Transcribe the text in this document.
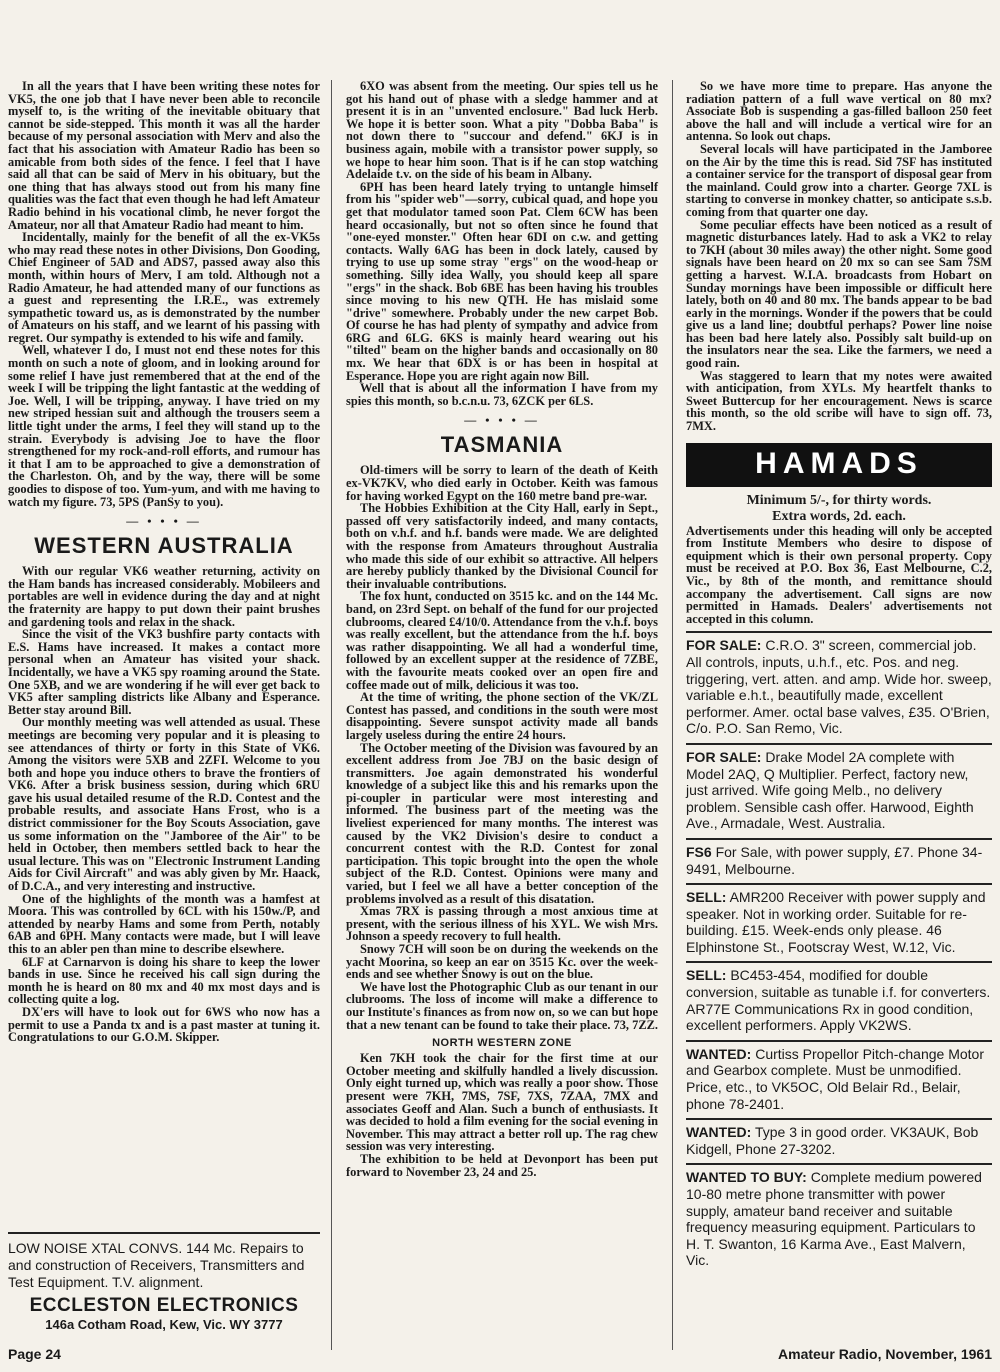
In all the years that I have been writing these notes for VK5, the one job that I have never been able to reconcile myself to, is the writing of the inevitable obituary that cannot be side-stepped. This month it was all the harder because of my personal association with Merv and also the fact that his association with Amateur Radio has been so amicable from both sides of the fence. I feel that I have said all that can be said of Merv in his obituary, but the one thing that has always stood out from his many fine qualities was the fact that even though he had left Amateur Radio behind in his vocational climb, he never forgot the Amateur, nor all that Amateur Radio had meant to him.

Incidentally, mainly for the benefit of all the ex-VK5s who may read these notes in other Divisions, Don Gooding, Chief Engineer of 5AD and ADS7, passed away also this month, within hours of Merv, I am told. Although not a Radio Amateur, he had attended many of our functions as a guest and representing the I.R.E., was extremely sympathetic toward us, as is demonstrated by the number of Amateurs on his staff, and we learnt of his passing with regret. Our sympathy is extended to his wife and family.

Well, whatever I do, I must not end these notes for this month on such a note of gloom, and in looking around for some relief I have just remembered that at the end of the week I will be tripping the light fantastic at the wedding of Joe. Well, I will be tripping, anyway. I have tried on my new striped hessian suit and although the trousers seem a little tight under the arms, I feel they will stand up to the strain. Everybody is advising Joe to have the floor strengthened for my rock-and-roll efforts, and rumour has it that I am to be approached to give a demonstration of the Charleston. Oh, and by the way, there will be some goodies to dispose of too. Yum-yum, and with me having to watch my figure. 73, 5PS (PanSy to you).

— • • • —
WESTERN AUSTRALIA

With our regular VK6 weather returning, activity on the Ham bands has increased considerably. Mobileers and portables are well in evidence during the day and at night the fraternity are happy to put down their paint brushes and gardening tools and relax in the shack.

Since the visit of the VK3 bushfire party contacts with E.S. Hams have increased. It makes a contact more personal when an Amateur has visited your shack. Incidentally, we have a VK5 spy roaming around the State. One 5XB, and we are wondering if he will ever get back to VK5 after sampling districts like Albany and Esperance. Better stay around Bill.

Our monthly meeting was well attended as usual. These meetings are becoming very popular and it is pleasing to see attendances of thirty or forty in this State of VK6. Among the visitors were 5XB and 2ZFI. Welcome to you both and hope you induce others to brave the frontiers of VK6. After a brisk business session, during which 6RU gave his usual detailed resume of the R.D. Contest and the probable results, and associate Hans Frost, who is a district commissioner for the Boy Scouts Association, gave us some information on the "Jamboree of the Air" to be held in October, then members settled back to hear the usual lecture. This was on "Electronic Instrument Landing Aids for Civil Aircraft" and was ably given by Mr. Haack, of D.C.A., and very interesting and instructive.

One of the highlights of the month was a hamfest at Moora. This was controlled by 6CL with his 150w./P, and attended by nearby Hams and some from Perth, notably 6AB and 6PH. Many contacts were made, but I will leave this to an abler pen than mine to describe elsewhere.

6LF at Carnarvon is doing his share to keep the lower bands in use. Since he received his call sign during the month he is heard on 80 mx and 40 mx most days and is collecting quite a log.

DX'ers will have to look out for 6WS who now has a permit to use a Panda tx and is a past master at tuning it. Congratulations to our G.O.M. Skipper.

LOW NOISE XTAL CONVS. 144 Mc. Repairs to and construction of Receivers, Transmitters and Test Equipment. T.V. alignment.
ECCLESTON ELECTRONICS
146a Cotham Road, Kew, Vic. WY 3777

6XO was absent from the meeting. Our spies tell us he got his hand out of phase with a sledge hammer and at present it is in an "unvented enclosure." Bad luck Herb. We hope it is better soon. What a pity "Dobba Baba" is not down there to "succour and defend." 6KJ is in business again, mobile with a transistor power supply, so we hope to hear him soon. That is if he can stop watching Adelaide t.v. on the side of his beam in Albany.

6PH has been heard lately trying to untangle himself from his "spider web"—sorry, cubical quad, and hope you get that modulator tamed soon Pat. Clem 6CW has been heard occasionally, but not so often since he found that "one-eyed monster." Often hear 6DI on c.w. and getting contacts. Wally 6AG has been in dock lately, caused by trying to use up some stray "ergs" on the wood-heap or something. Silly idea Wally, you should keep all spare "ergs" in the shack. Bob 6BE has been having his troubles since moving to his new QTH. He has mislaid some "drive" somewhere. Probably under the new carpet Bob. Of course he has had plenty of sympathy and advice from 6RG and 6LG. 6KS is mainly heard wearing out his "tilted" beam on the higher bands and occasionally on 80 mx. We hear that 6DX is or has been in hospital at Esperance. Hope you are right again now Bill.

Well that is about all the information I have from my spies this month, so b.c.n.u. 73, 6ZCK per 6LS.

— • • • —
TASMANIA

Old-timers will be sorry to learn of the death of Keith ex-VK7KV, who died early in October. Keith was famous for having worked Egypt on the 160 metre band pre-war.

The Hobbies Exhibition at the City Hall, early in Sept., passed off very satisfactorily indeed, and many contacts, both on v.h.f. and h.f. bands were made. We are delighted with the response from Amateurs throughout Australia who made this side of our exhibit so attractive. All helpers are hereby publicly thanked by the Divisional Council for their invaluable contributions.

The fox hunt, conducted on 3515 kc. and on the 144 Mc. band, on 23rd Sept. on behalf of the fund for our projected clubrooms, cleared £4/10/0. Attendance from the v.h.f. boys was really excellent, but the attendance from the h.f. boys was rather disappointing. We all had a wonderful time, followed by an excellent supper at the residence of 7ZBE, with the favourite meats cooked over an open fire and coffee made out of milk, delicious it was too.

At the time of writing, the phone section of the VK/ZL Contest has passed, and conditions in the south were most disappointing. Severe sunspot activity made all bands largely useless during the entire 24 hours.

The October meeting of the Division was favoured by an excellent address from Joe 7BJ on the basic design of transmitters. Joe again demonstrated his wonderful knowledge of a subject like this and his remarks upon the pi-coupler in particular were most interesting and informed. The business part of the meeting was the liveliest experienced for many months. The interest was caused by the VK2 Division's desire to conduct a concurrent contest with the R.D. Contest for zonal participation. This topic brought into the open the whole subject of the R.D. Contest. Opinions were many and varied, but I feel we all have a better conception of the problems involved as a result of this disatation.

Xmas 7RX is passing through a most anxious time at present, with the serious illness of his XYL. We wish Mrs. Johnson a speedy recovery to full health.

Snowy 7CH will soon be on during the weekends on the yacht Moorina, so keep an ear on 3515 Kc. over the week-ends and see whether Snowy is out on the blue.

We have lost the Photographic Club as our tenant in our clubrooms. The loss of income will make a difference to our Institute's finances as from now on, so we can but hope that a new tenant can be found to take their place. 73, 7ZZ.

NORTH WESTERN ZONE

Ken 7KH took the chair for the first time at our October meeting and skilfully handled a lively discussion. Only eight turned up, which was really a poor show. Those present were 7KH, 7MS, 7SF, 7XS, 7ZAA, 7MX and associates Geoff and Alan. Such a bunch of enthusiasts. It was decided to hold a film evening for the social evening in November. This may attract a better roll up. The rag chew session was very interesting.

The exhibition to be held at Devonport has been put forward to November 23, 24 and 25.

So we have more time to prepare. Has anyone the radiation pattern of a full wave vertical on 80 mx? Associate Bob is suspending a gas-filled balloon 250 feet above the hall and will include a vertical wire for an antenna. So look out chaps.

Several locals will have participated in the Jamboree on the Air by the time this is read. Sid 7SF has instituted a container service for the transport of disposal gear from the mainland. Could grow into a charter. George 7XL is starting to converse in monkey chatter, so anticipate s.s.b. coming from that quarter one day.

Some peculiar effects have been noticed as a result of magnetic disturbances lately. Had to ask a VK2 to relay to 7KH (about 30 miles away) the other night. Some good signals have been heard on 20 mx so can see Sam 7SM getting a harvest. W.I.A. broadcasts from Hobart on Sunday mornings have been impossible or difficult here lately, both on 40 and 80 mx. The bands appear to be bad early in the mornings. Wonder if the powers that be could give us a land line; doubtful perhaps? Power line noise has been bad here lately also. Possibly salt build-up on the insulators near the sea. Like the farmers, we need a good rain.

Was staggered to learn that my notes were awaited with anticipation, from XYLs. My heartfelt thanks to Sweet Buttercup for her encouragement. News is scarce this month, so the old scribe will have to sign off. 73, 7MX.

HAMADS
Minimum 5/-, for thirty words.
Extra words, 2d. each.

Advertisements under this heading will only be accepted from Institute Members who desire to dispose of equipment which is their own personal property. Copy must be received at P.O. Box 36, East Melbourne, C.2, Vic., by 8th of the month, and remittance should accompany the advertisement. Call signs are now permitted in Hamads. Dealers' advertisements not accepted in this column.

FOR SALE: C.R.O. 3" screen, commercial job. All controls, inputs, u.h.f., etc. Pos. and neg. triggering, vert. atten. and amp. Wide hor. sweep, variable e.h.t., beautifully made, excellent performer. Amer. octal base valves, £35. O'Brien, C/o. P.O. San Remo, Vic.
FOR SALE: Drake Model 2A complete with Model 2AQ, Q Multiplier. Perfect, factory new, just arrived. Wife going Melb., no delivery problem. Sensible cash offer. Harwood, Eighth Ave., Armadale, West. Australia.
FS6 For Sale, with power supply, £7. Phone 34-9491, Melbourne.
SELL: AMR200 Receiver with power supply and speaker. Not in working order. Suitable for re-building. £15. Week-ends only please. 46 Elphinstone St., Footscray West, W.12, Vic.
SELL: BC453-454, modified for double conversion, suitable as tunable i.f. for converters. AR77E Communications Rx in good condition, excellent performers. Apply VK2WS.
WANTED: Curtiss Propellor Pitch-change Motor and Gearbox complete. Must be unmodified. Price, etc., to VK5OC, Old Belair Rd., Belair, phone 78-2401.
WANTED: Type 3 in good order. VK3AUK, Bob Kidgell, Phone 27-3202.
WANTED TO BUY: Complete medium powered 10-80 metre phone transmitter with power supply, amateur band receiver and suitable frequency measuring equipment. Particulars to H. T. Swanton, 16 Karma Ave., East Malvern, Vic.
Page 24	Amateur Radio, November, 1961
